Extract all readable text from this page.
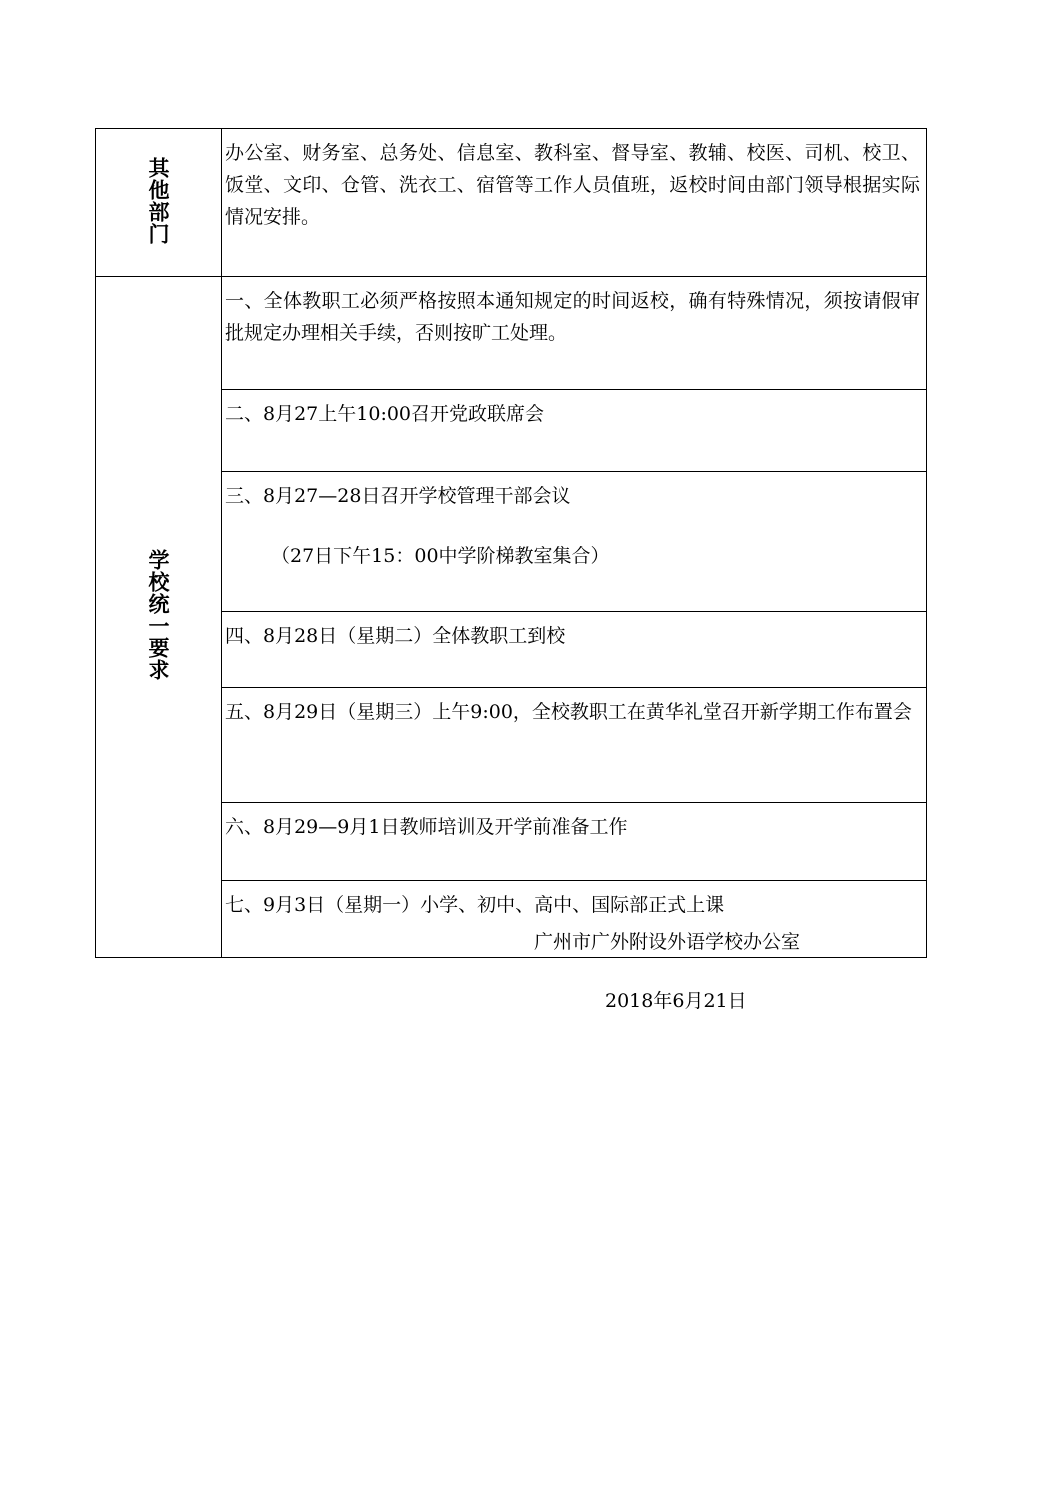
其他部门	办公室、财务室、总务处、信息室、教科室、督导室、教辅、校医、司机、校卫、饭堂、文印、仓管、洗衣工、宿管等工作人员值班，返校时间由部门领导根据实际情况安排。
学校统一要求	一、全体教职工必须严格按照本通知规定的时间返校，确有特殊情况，须按请假审批规定办理相关手续，否则按旷工处理。
	二、8月27上午10:00召开党政联席会
	三、8月27—28日召开学校管理干部会议
（27日下午15：00中学阶梯教室集合）

	四、8月28日（星期二）全体教职工到校
	五、8月29日（星期三）上午9:00，全校教职工在黄华礼堂召开新学期工作布置会
	六、8月29—9月1日教师培训及开学前准备工作
	七、9月3日（星期一）小学、初中、高中、国际部正式上课
广州市广外附设外语学校办公室
2018年6月21日
